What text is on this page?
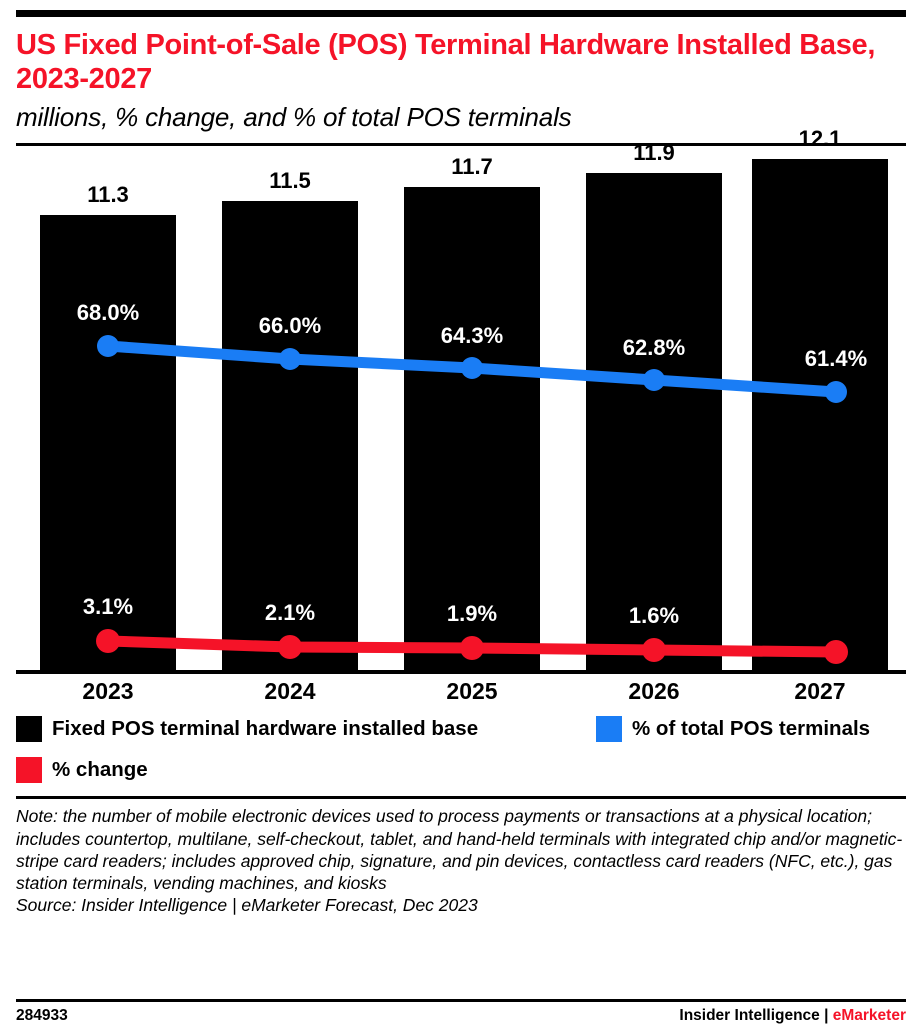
US Fixed Point-of-Sale (POS) Terminal Hardware Installed Base, 2023-2027
millions, % change, and % of total POS terminals
11.3
11.5
11.7
11.9
12.1
68.0%
66.0%	64.3%	62.8%	61.4%
3.1%	2.1%	1.9%	1.6%	1.3%
2023	2024	2025	2026	2027
Fixed POS terminal hardware installed base	% of total POS terminals
% change

Note: the number of mobile electronic devices used to process payments or transactions at a physical location; includes countertop, multilane, self-checkout, tablet, and hand-held terminals with integrated chip and/or magnetic-stripe card readers; includes approved chip, signature, and pin devices, contactless card readers (NFC, etc.), gas station terminals, vending machines, and kiosks

Source: Insider Intelligence | eMarketer Forecast, Dec 2023

284933	Insider Intelligence | eMarketer
